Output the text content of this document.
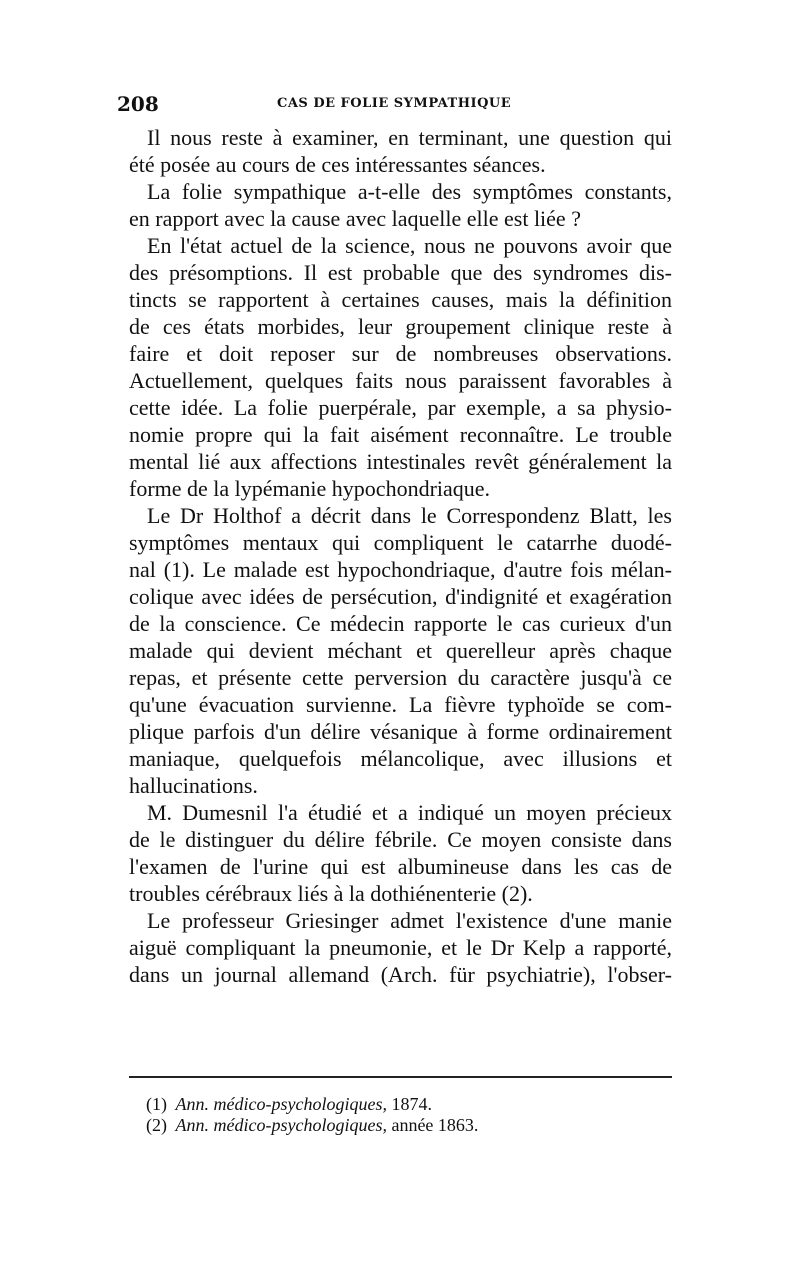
208	CAS DE FOLIE SYMPATHIQUE
Il nous reste à examiner, en terminant, une question qui
été posée au cours de ces intéressantes séances.
La folie sympathique a-t-elle des symptômes constants,
en rapport avec la cause avec laquelle elle est liée ?
En l'état actuel de la science, nous ne pouvons avoir que
des présomptions. Il est probable que des syndromes dis-
tincts se rapportent à certaines causes, mais la définition
de ces états morbides, leur groupement clinique reste à
faire et doit reposer sur de nombreuses observations.
Actuellement, quelques faits nous paraissent favorables à
cette idée. La folie puerpérale, par exemple, a sa physio-
nomie propre qui la fait aisément reconnaître. Le trouble
mental lié aux affections intestinales revêt généralement la
forme de la lypémanie hypochondriaque.
Le Dr Holthof a décrit dans le Correspondenz Blatt, les
symptômes mentaux qui compliquent le catarrhe duodé-
nal (1). Le malade est hypochondriaque, d'autre fois mélan-
colique avec idées de persécution, d'indignité et exagération
de la conscience. Ce médecin rapporte le cas curieux d'un
malade qui devient méchant et querelleur après chaque
repas, et présente cette perversion du caractère jusqu'à ce
qu'une évacuation survienne. La fièvre typhoïde se com-
plique parfois d'un délire vésanique à forme ordinairement
maniaque, quelquefois mélancolique, avec illusions et
hallucinations.
M. Dumesnil l'a étudié et a indiqué un moyen précieux
de le distinguer du délire fébrile. Ce moyen consiste dans
l'examen de l'urine qui est albumineuse dans les cas de
troubles cérébraux liés à la dothiénenterie (2).
Le professeur Griesinger admet l'existence d'une manie
aiguë compliquant la pneumonie, et le Dr Kelp a rapporté,
dans un journal allemand (Arch. für psychiatrie), l'obser-
(1) Ann. médico-psychologiques, 1874.
(2) Ann. médico-psychologiques, année 1863.
